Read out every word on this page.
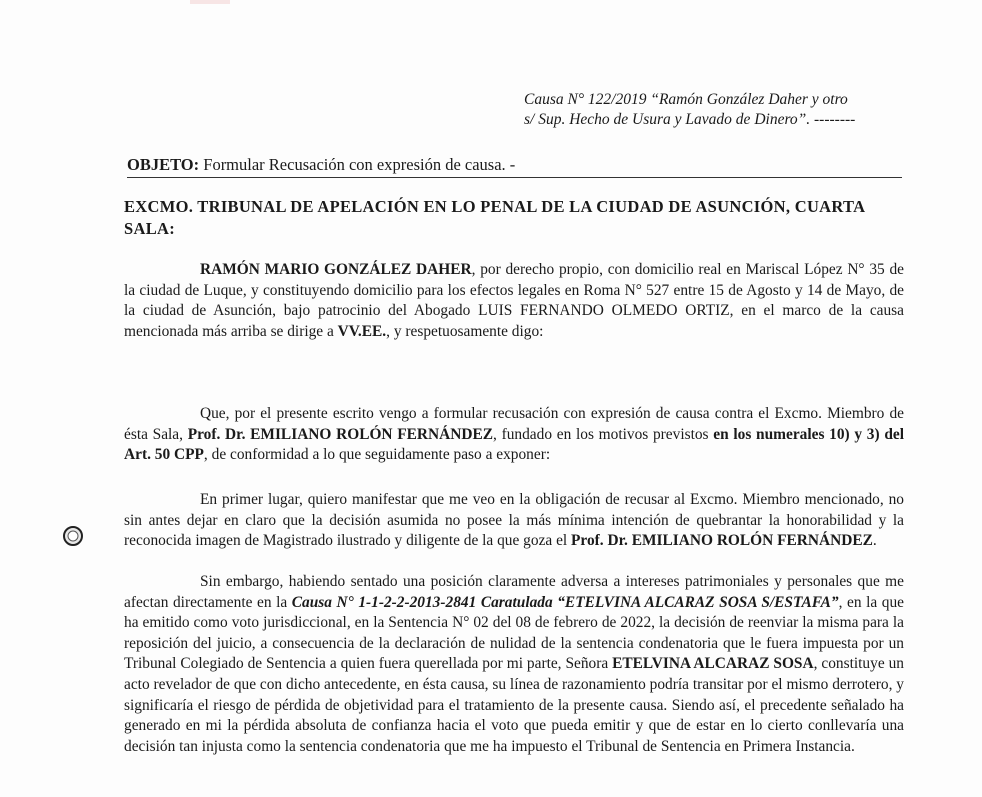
Causa N° 122/2019 “Ramón González Daher y otro
s/ Sup. Hecho de Usura y Lavado de Dinero”. --------
OBJETO: Formular Recusación con expresión de causa. -
EXCMO. TRIBUNAL DE APELACIÓN EN LO PENAL DE LA CIUDAD DE ASUNCIÓN, CUARTA SALA:
RAMÓN MARIO GONZÁLEZ DAHER, por derecho propio, con domicilio real en Mariscal López N° 35 de la ciudad de Luque, y constituyendo domicilio para los efectos legales en Roma N° 527 entre 15 de Agosto y 14 de Mayo, de la ciudad de Asunción, bajo patrocinio del Abogado LUIS FERNANDO OLMEDO ORTIZ, en el marco de la causa mencionada más arriba se dirige a VV.EE., y respetuosamente digo:
Que, por el presente escrito vengo a formular recusación con expresión de causa contra el Excmo. Miembro de ésta Sala, Prof. Dr. EMILIANO ROLÓN FERNÁNDEZ, fundado en los motivos previstos en los numerales 10) y 3) del Art. 50 CPP, de conformidad a lo que seguidamente paso a exponer:
En primer lugar, quiero manifestar que me veo en la obligación de recusar al Excmo. Miembro mencionado, no sin antes dejar en claro que la decisión asumida no posee la más mínima intención de quebrantar la honorabilidad y la reconocida imagen de Magistrado ilustrado y diligente de la que goza el Prof. Dr. EMILIANO ROLÓN FERNÁNDEZ.
Sin embargo, habiendo sentado una posición claramente adversa a intereses patrimoniales y personales que me afectan directamente en la Causa N° 1-1-2-2-2013-2841 Caratulada “ETELVINA ALCARAZ SOSA S/ESTAFA”, en la que ha emitido como voto jurisdiccional, en la Sentencia N° 02 del 08 de febrero de 2022, la decisión de reenviar la misma para la reposición del juicio, a consecuencia de la declaración de nulidad de la sentencia condenatoria que le fuera impuesta por un Tribunal Colegiado de Sentencia a quien fuera querellada por mi parte, Señora ETELVINA ALCARAZ SOSA, constituye un acto revelador de que con dicho antecedente, en ésta causa, su línea de razonamiento podría transitar por el mismo derrotero, y significaría el riesgo de pérdida de objetividad para el tratamiento de la presente causa. Siendo así, el precedente señalado ha generado en mi la pérdida absoluta de confianza hacia el voto que pueda emitir y que de estar en lo cierto conllevaría una decisión tan injusta como la sentencia condenatoria que me ha impuesto el Tribunal de Sentencia en Primera Instancia.
